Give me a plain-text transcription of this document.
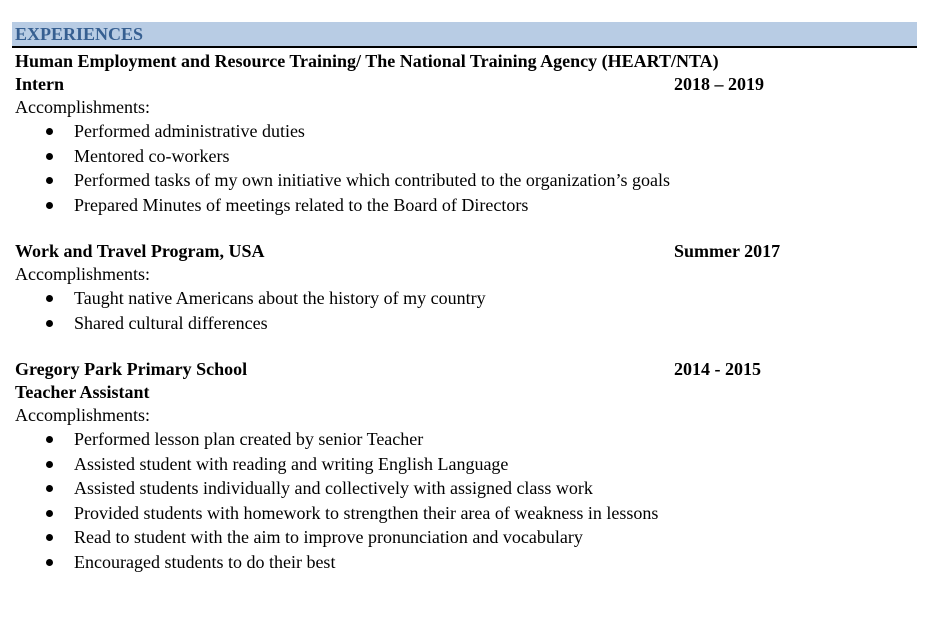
EXPERIENCES
Human Employment and Resource Training/ The National Training Agency (HEART/NTA)
Intern	2018 – 2019
Accomplishments:
Performed administrative duties
Mentored co-workers
Performed tasks of my own initiative which contributed to the organization’s goals
Prepared Minutes of meetings related to the Board of Directors
Work and Travel Program, USA	Summer 2017
Accomplishments:
Taught native Americans about the history of my country
Shared cultural differences
Gregory Park Primary School	2014 - 2015
Teacher Assistant
Accomplishments:
Performed lesson plan created by senior Teacher
Assisted student with reading and writing English Language
Assisted students individually and collectively with assigned class work
Provided students with homework to strengthen their area of weakness in lessons
Read to student with the aim to improve pronunciation and vocabulary
Encouraged students to do their best
